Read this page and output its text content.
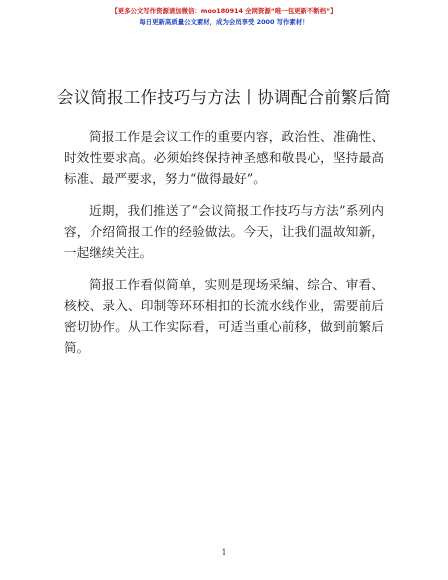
【更多公文写作资源请加微信：moo180914 全网资源“唯一包更新不断档”】
每日更新高质量公文素材，成为会员享受 2000 写作素材！
会议简报工作技巧与方法丨协调配合前繁后简

简报工作是会议工作的重要内容，政治性、准确性、时效性要求高。必须始终保持神圣感和敬畏心，坚持最高标准、最严要求，努力“做得最好”。

近期，我们推送了“会议简报工作技巧与方法”系列内容，介绍简报工作的经验做法。今天，让我们温故知新，一起继续关注。

简报工作看似简单，实则是现场采编、综合、审看、核校、录入、印制等环环相扣的长流水线作业，需要前后密切协作。从工作实际看，可适当重心前移，做到前繁后简。

1
